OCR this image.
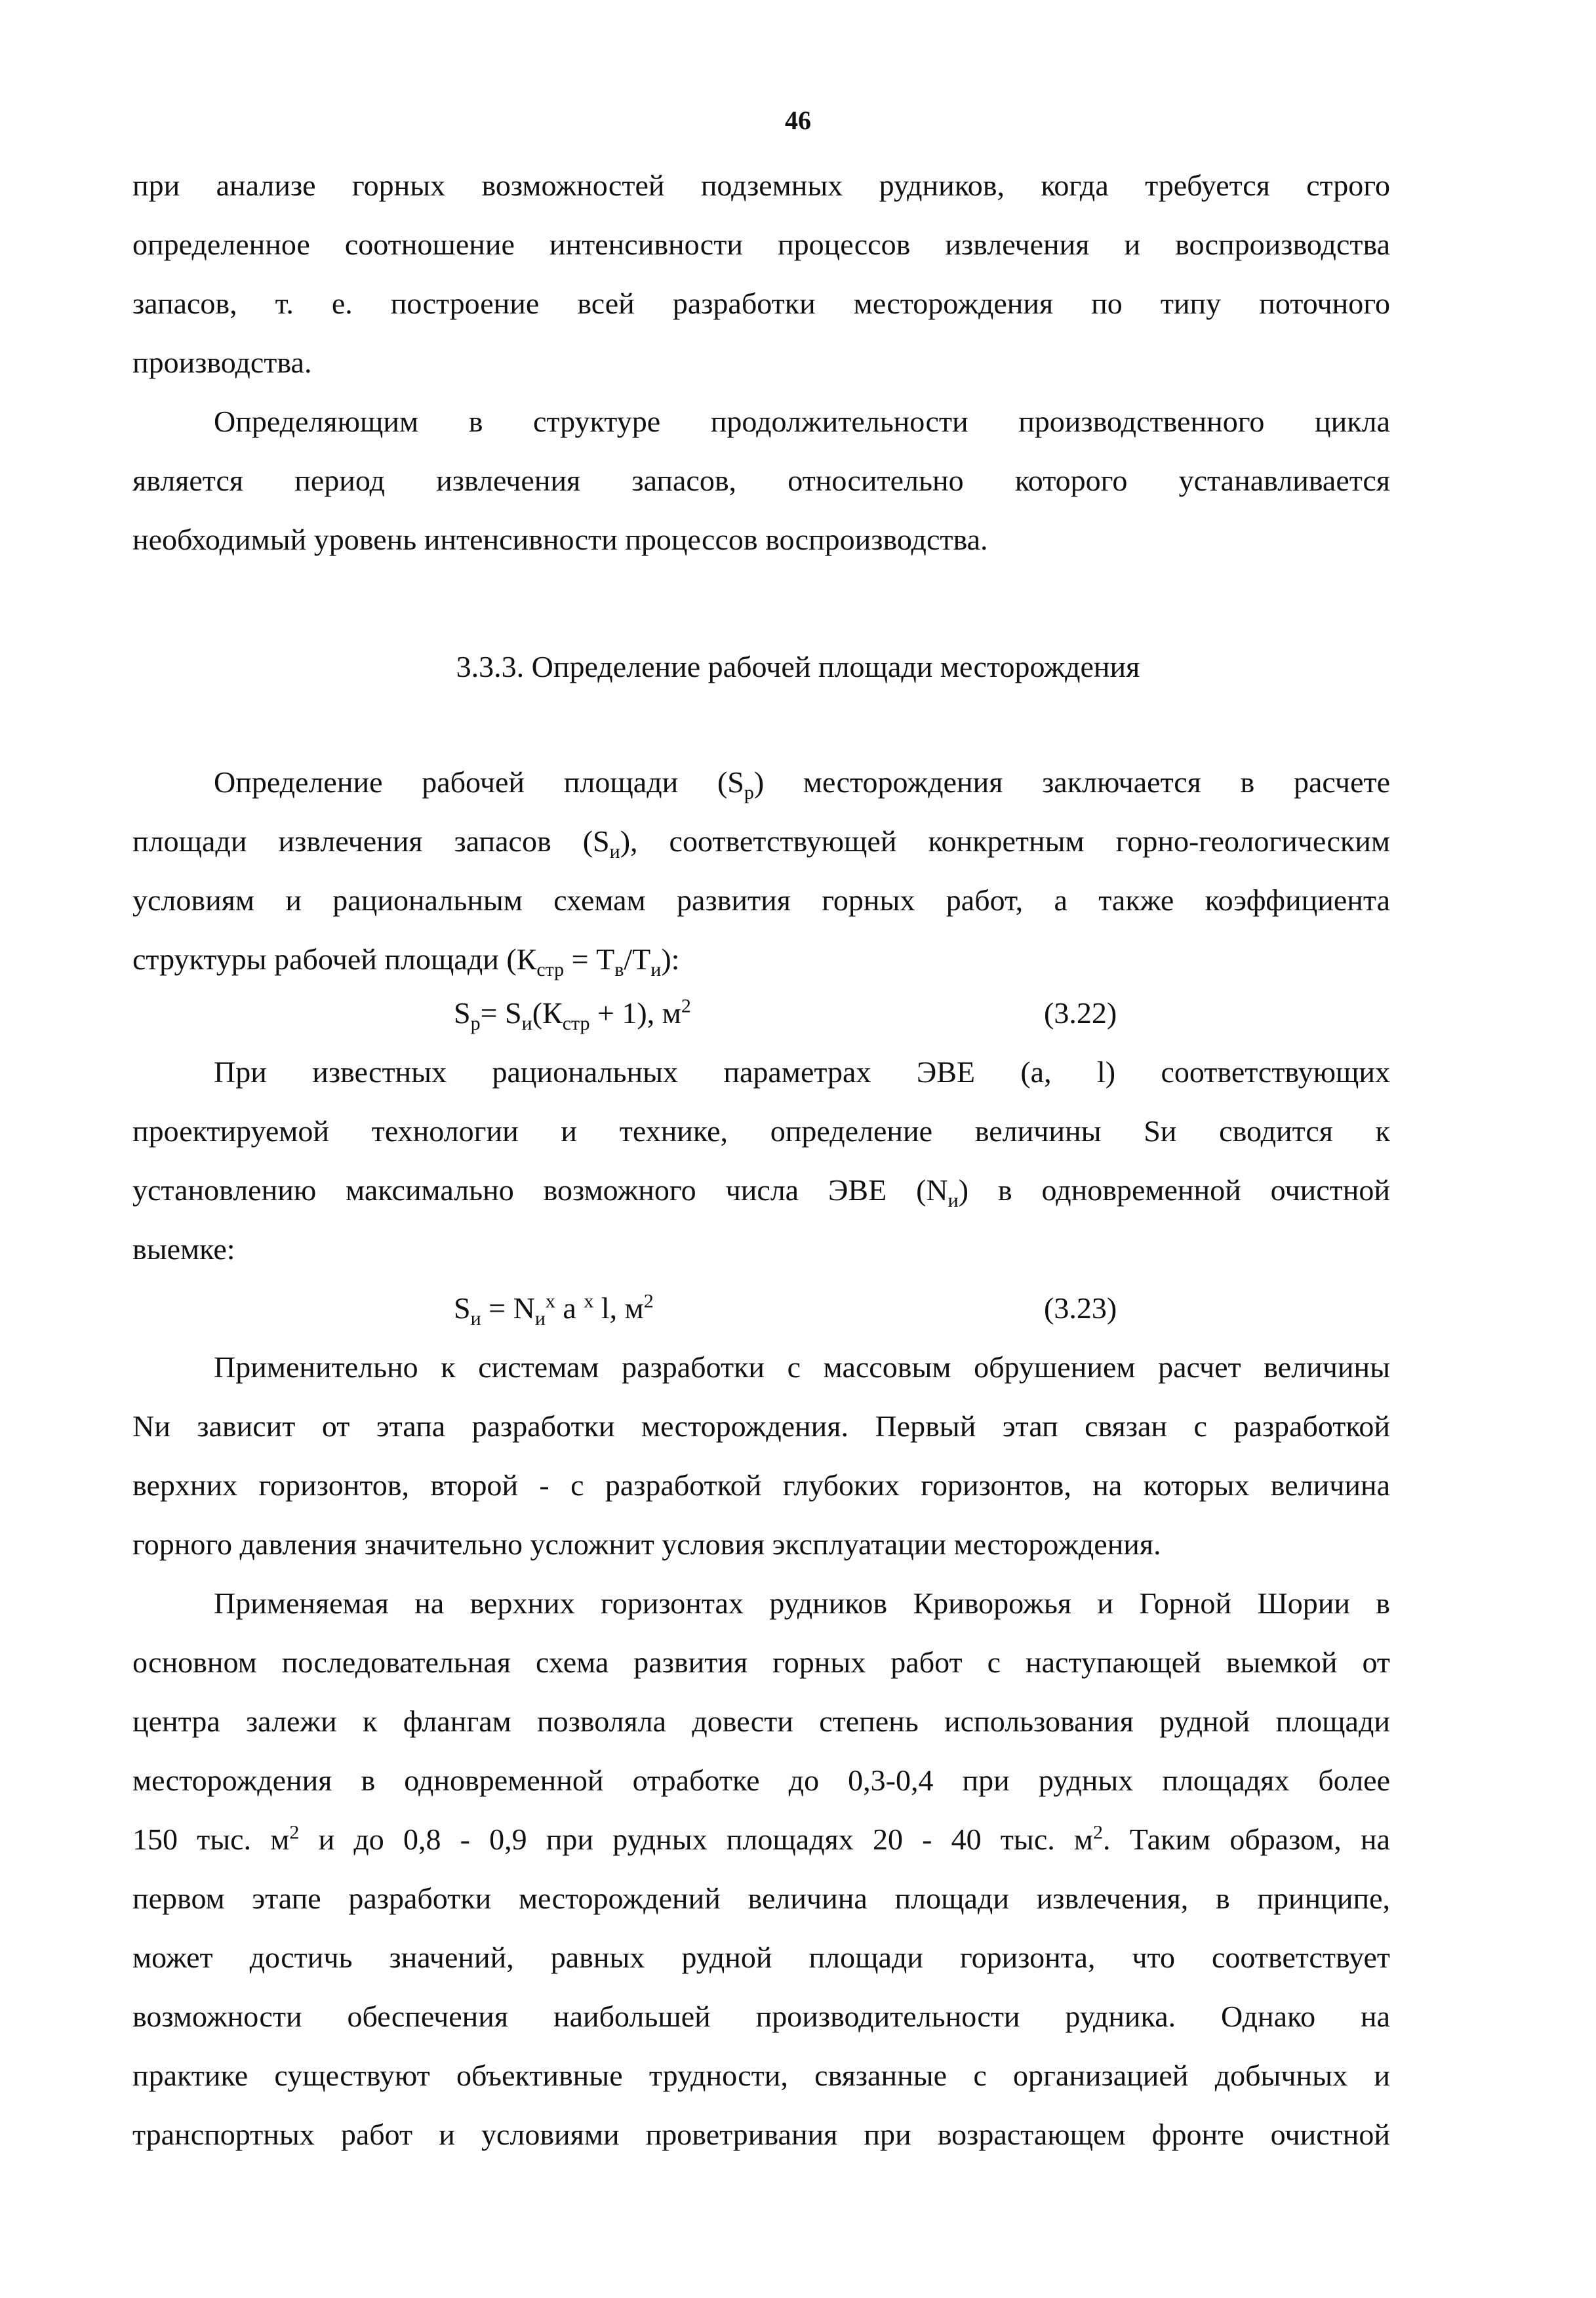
46
при анализе горных возможностей подземных рудников, когда требуется строго
определенное соотношение интенсивности процессов извлечения и воспроизводства
запасов, т. е. построение всей разработки месторождения по типу поточного
производства.
Определяющим в структуре продолжительности производственного цикла
является период извлечения запасов, относительно которого устанавливается
необходимый уровень интенсивности процессов воспроизводства.
3.3.3. Определение рабочей площади месторождения
Определение рабочей площади $(S_р)$ месторождения заключается в расчете
площади извлечения запасов $(S_и)$, соответствующей конкретным горно-геологическим
условиям и рациональным схемам развития горных работ, а также коэффициента
структуры рабочей площади $(К_{стр} = Т_в/Т_и)$:
$S_р= S_и(К_{стр} + 1)$, $м^2$	(3.22)
При известных рациональных параметрах ЭВЕ (а, l) соответствующих
проектируемой технологии и технике, определение величины Sи сводится к
установлению максимально возможного числа ЭВЕ $(N_и)$ в одновременной очистной
выемке:
$S_и = N_и^x$ a $^x$ l, $м^2$	(3.23)
Применительно к системам разработки с массовым обрушением расчет величины
Nи зависит от этапа разработки месторождения. Первый этап связан с разработкой
верхних горизонтов, второй - с разработкой глубоких горизонтов, на которых величина
горного давления значительно усложнит условия эксплуатации месторождения.
Применяемая на верхних горизонтах рудников Криворожья и Горной Шории в
основном последовательная схема развития горных работ с наступающей выемкой от
центра залежи к флангам позволяла довести степень использования рудной площади
месторождения в одновременной отработке до 0,3-0,4 при рудных площадях более
150 тыс. $м^2$ и до 0,8 - 0,9 при рудных площадях 20 - 40 тыс. $м^2$. Таким образом, на
первом этапе разработки месторождений величина площади извлечения, в принципе,
может достичь значений, равных рудной площади горизонта, что соответствует
возможности обеспечения наибольшей производительности рудника. Однако на
практике существуют объективные трудности, связанные с организацией добычных и
транспортных работ и условиями проветривания при возрастающем фронте очистной
